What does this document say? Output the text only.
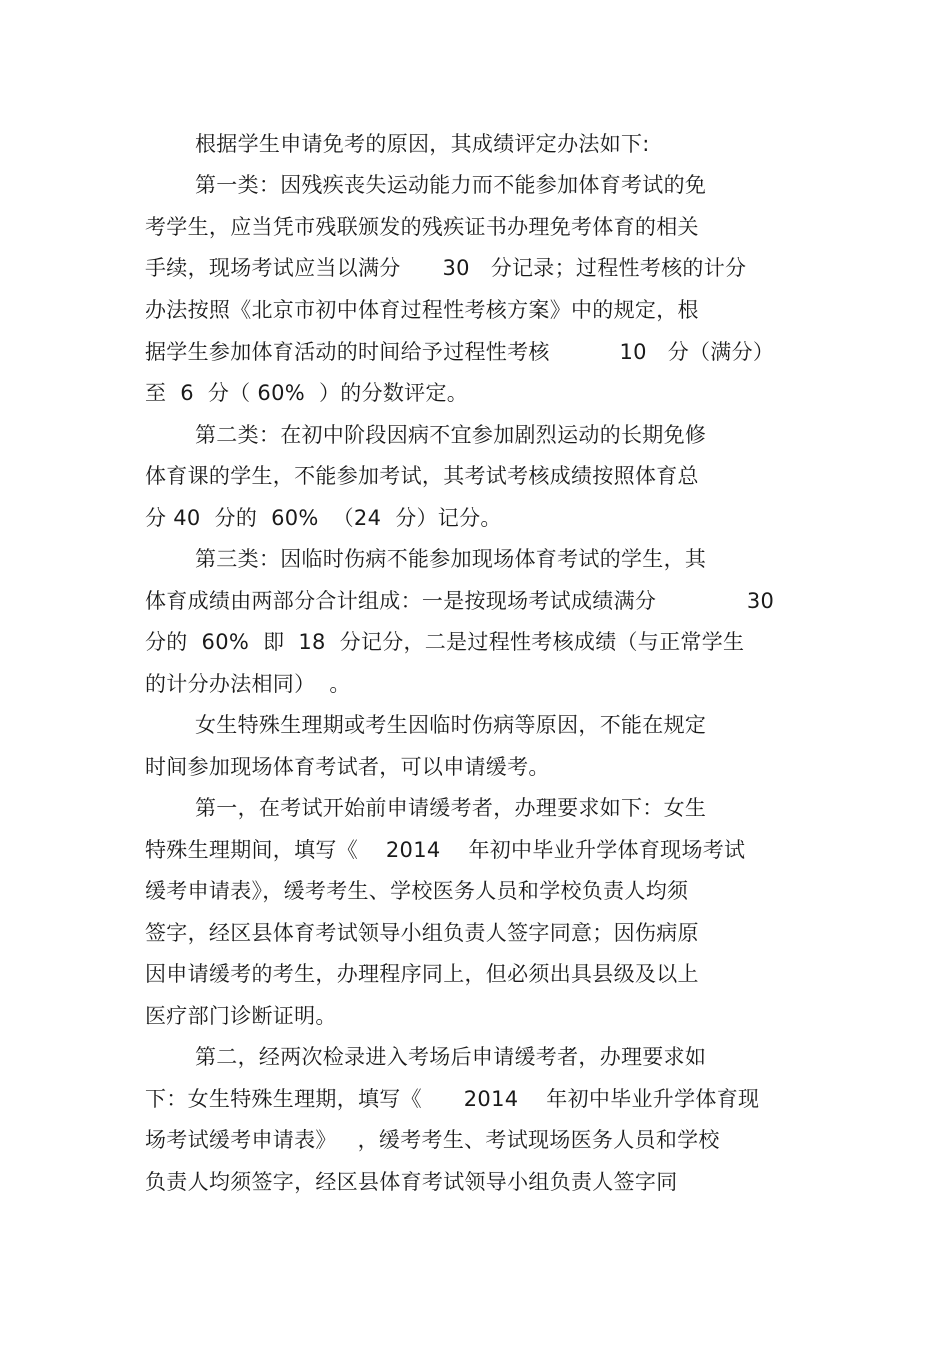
根据学生申请免考的原因，其成绩评定办法如下:
第一类：因残疾丧失运动能力而不能参加体育考试的免
考学生，应当凭市残联颁发的残疾证书办理免考体育的相关
手续，现场考试应当以满分      30   分记录；过程性考核的计分
办法按照《北京市初中体育过程性考核方案》中的规定，根
据学生参加体育活动的时间给予过程性考核          10   分（满分）
至  6  分（ 60%  ）的分数评定。
第二类：在初中阶段因病不宜参加剧烈运动的长期免修
体育课的学生，不能参加考试，其考试考核成绩按照体育总
分 40  分的  60%  （24  分）记分。
第三类：因临时伤病不能参加现场体育考试的学生，其
体育成绩由两部分合计组成：一是按现场考试成绩满分             30
分的  60%  即  18  分记分，二是过程性考核成绩（与正常学生
的计分办法相同）  。
女生特殊生理期或考生因临时伤病等原因，不能在规定
时间参加现场体育考试者，可以申请缓考。
第一，在考试开始前申请缓考者，办理要求如下：女生
特殊生理期间，填写《    2014    年初中毕业升学体育现场考试
缓考申请表》，缓考考生、学校医务人员和学校负责人均须
签字，经区县体育考试领导小组负责人签字同意；因伤病原
因申请缓考的考生，办理程序同上，但必须出具县级及以上
医疗部门诊断证明。
第二，经两次检录进入考场后申请缓考者，办理要求如
下：女生特殊生理期，填写《      2014    年初中毕业升学体育现
场考试缓考申请表》   ，缓考考生、考试现场医务人员和学校
负责人均须签字，经区县体育考试领导小组负责人签字同
